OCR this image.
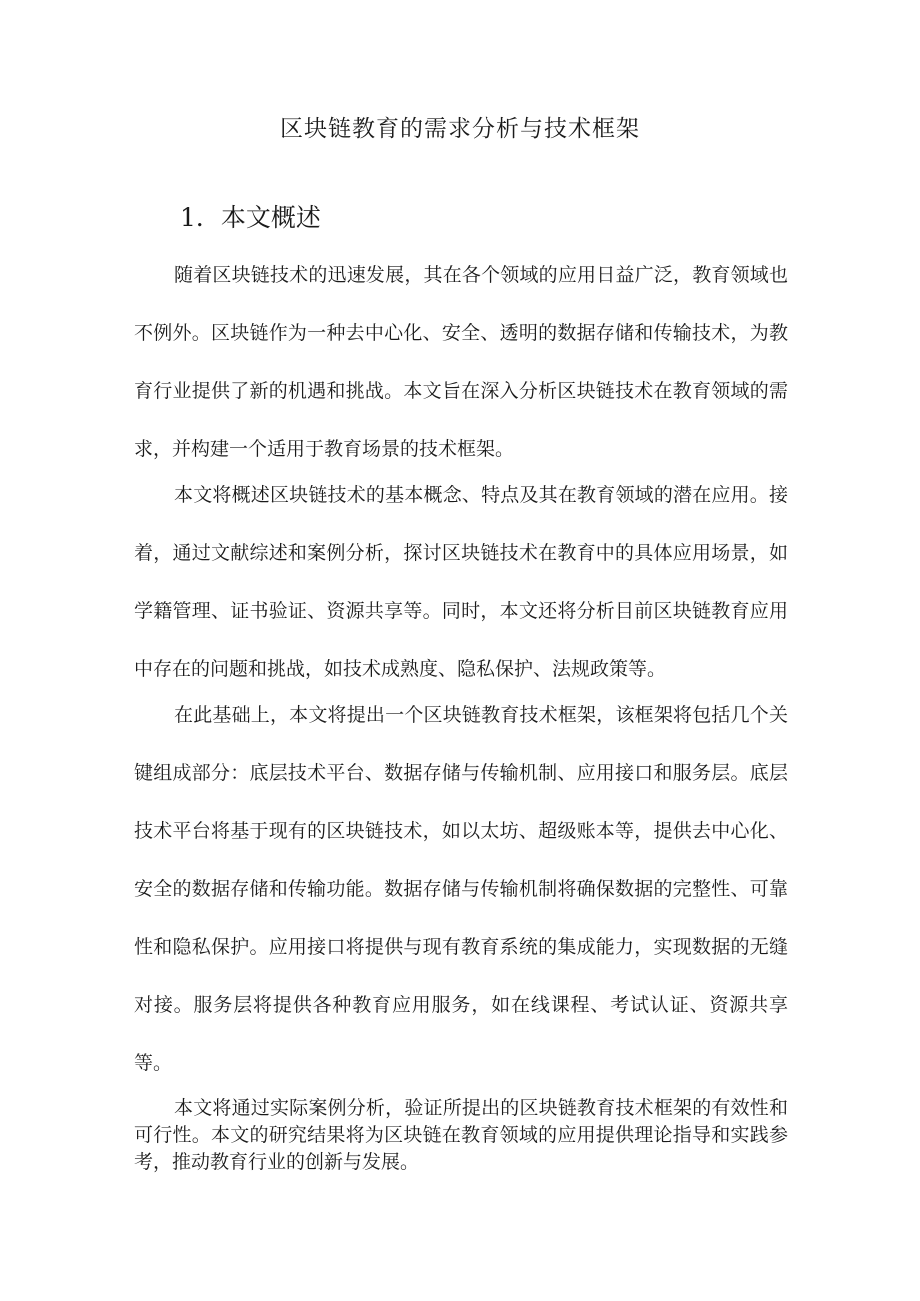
区块链教育的需求分析与技术框架
1．本文概述

随着区块链技术的迅速发展，其在各个领域的应用日益广泛，教育领域也不例外。区块链作为一种去中心化、安全、透明的数据存储和传输技术，为教育行业提供了新的机遇和挑战。本文旨在深入分析区块链技术在教育领域的需求，并构建一个适用于教育场景的技术框架。

本文将概述区块链技术的基本概念、特点及其在教育领域的潜在应用。接着，通过文献综述和案例分析，探讨区块链技术在教育中的具体应用场景，如学籍管理、证书验证、资源共享等。同时，本文还将分析目前区块链教育应用中存在的问题和挑战，如技术成熟度、隐私保护、法规政策等。

在此基础上，本文将提出一个区块链教育技术框架，该框架将包括几个关键组成部分：底层技术平台、数据存储与传输机制、应用接口和服务层。底层技术平台将基于现有的区块链技术，如以太坊、超级账本等，提供去中心化、安全的数据存储和传输功能。数据存储与传输机制将确保数据的完整性、可靠性和隐私保护。应用接口将提供与现有教育系统的集成能力，实现数据的无缝对接。服务层将提供各种教育应用服务，如在线课程、考试认证、资源共享等。

本文将通过实际案例分析，验证所提出的区块链教育技术框架的有效性和可行性。本文的研究结果将为区块链在教育领域的应用提供理论指导和实践参考，推动教育行业的创新与发展。
